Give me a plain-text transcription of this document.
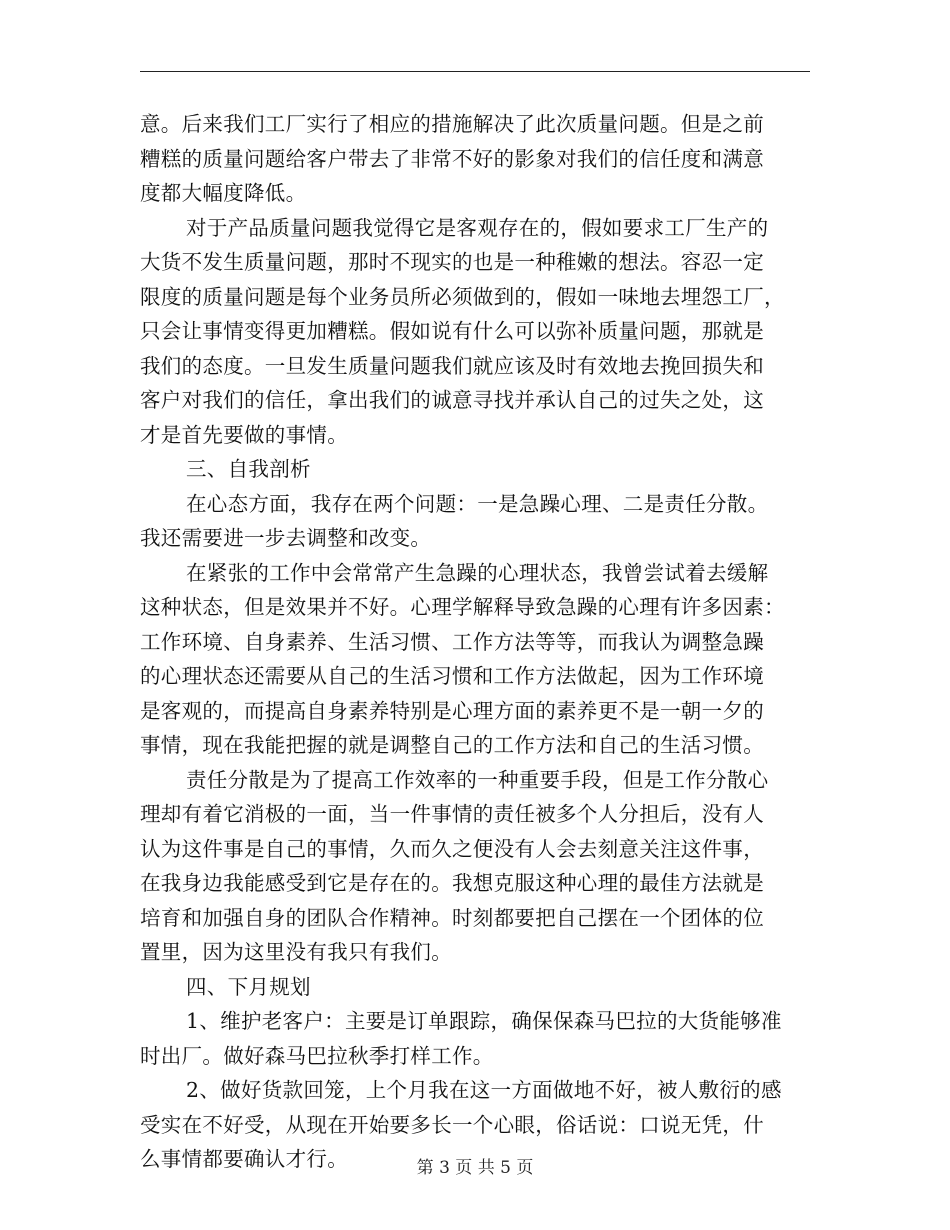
意。后来我们工厂实行了相应的措施解决了此次质量问题。但是之前
糟糕的质量问题给客户带去了非常不好的影象对我们的信任度和满意
度都大幅度降低。
对于产品质量问题我觉得它是客观存在的，假如要求工厂生产的
大货不发生质量问题，那时不现实的也是一种稚嫩的想法。容忍一定
限度的质量问题是每个业务员所必须做到的，假如一味地去埋怨工厂，
只会让事情变得更加糟糕。假如说有什么可以弥补质量问题，那就是
我们的态度。一旦发生质量问题我们就应该及时有效地去挽回损失和
客户对我们的信任，拿出我们的诚意寻找并承认自己的过失之处，这
才是首先要做的事情。
三、自我剖析
在心态方面，我存在两个问题：一是急躁心理、二是责任分散。
我还需要进一步去调整和改变。
在紧张的工作中会常常产生急躁的心理状态，我曾尝试着去缓解
这种状态，但是效果并不好。心理学解释导致急躁的心理有许多因素：
工作环境、自身素养、生活习惯、工作方法等等，而我认为调整急躁
的心理状态还需要从自己的生活习惯和工作方法做起，因为工作环境
是客观的，而提高自身素养特别是心理方面的素养更不是一朝一夕的
事情，现在我能把握的就是调整自己的工作方法和自己的生活习惯。
责任分散是为了提高工作效率的一种重要手段，但是工作分散心
理却有着它消极的一面，当一件事情的责任被多个人分担后，没有人
认为这件事是自己的事情，久而久之便没有人会去刻意关注这件事，
在我身边我能感受到它是存在的。我想克服这种心理的最佳方法就是
培育和加强自身的团队合作精神。时刻都要把自己摆在一个团体的位
置里，因为这里没有我只有我们。
四、下月规划
1、维护老客户：主要是订单跟踪，确保保森马巴拉的大货能够准
时出厂。做好森马巴拉秋季打样工作。
2、做好货款回笼，上个月我在这一方面做地不好，被人敷衍的感
受实在不好受，从现在开始要多长一个心眼，俗话说：口说无凭，什
么事情都要确认才行。	第 3 页 共 5 页
